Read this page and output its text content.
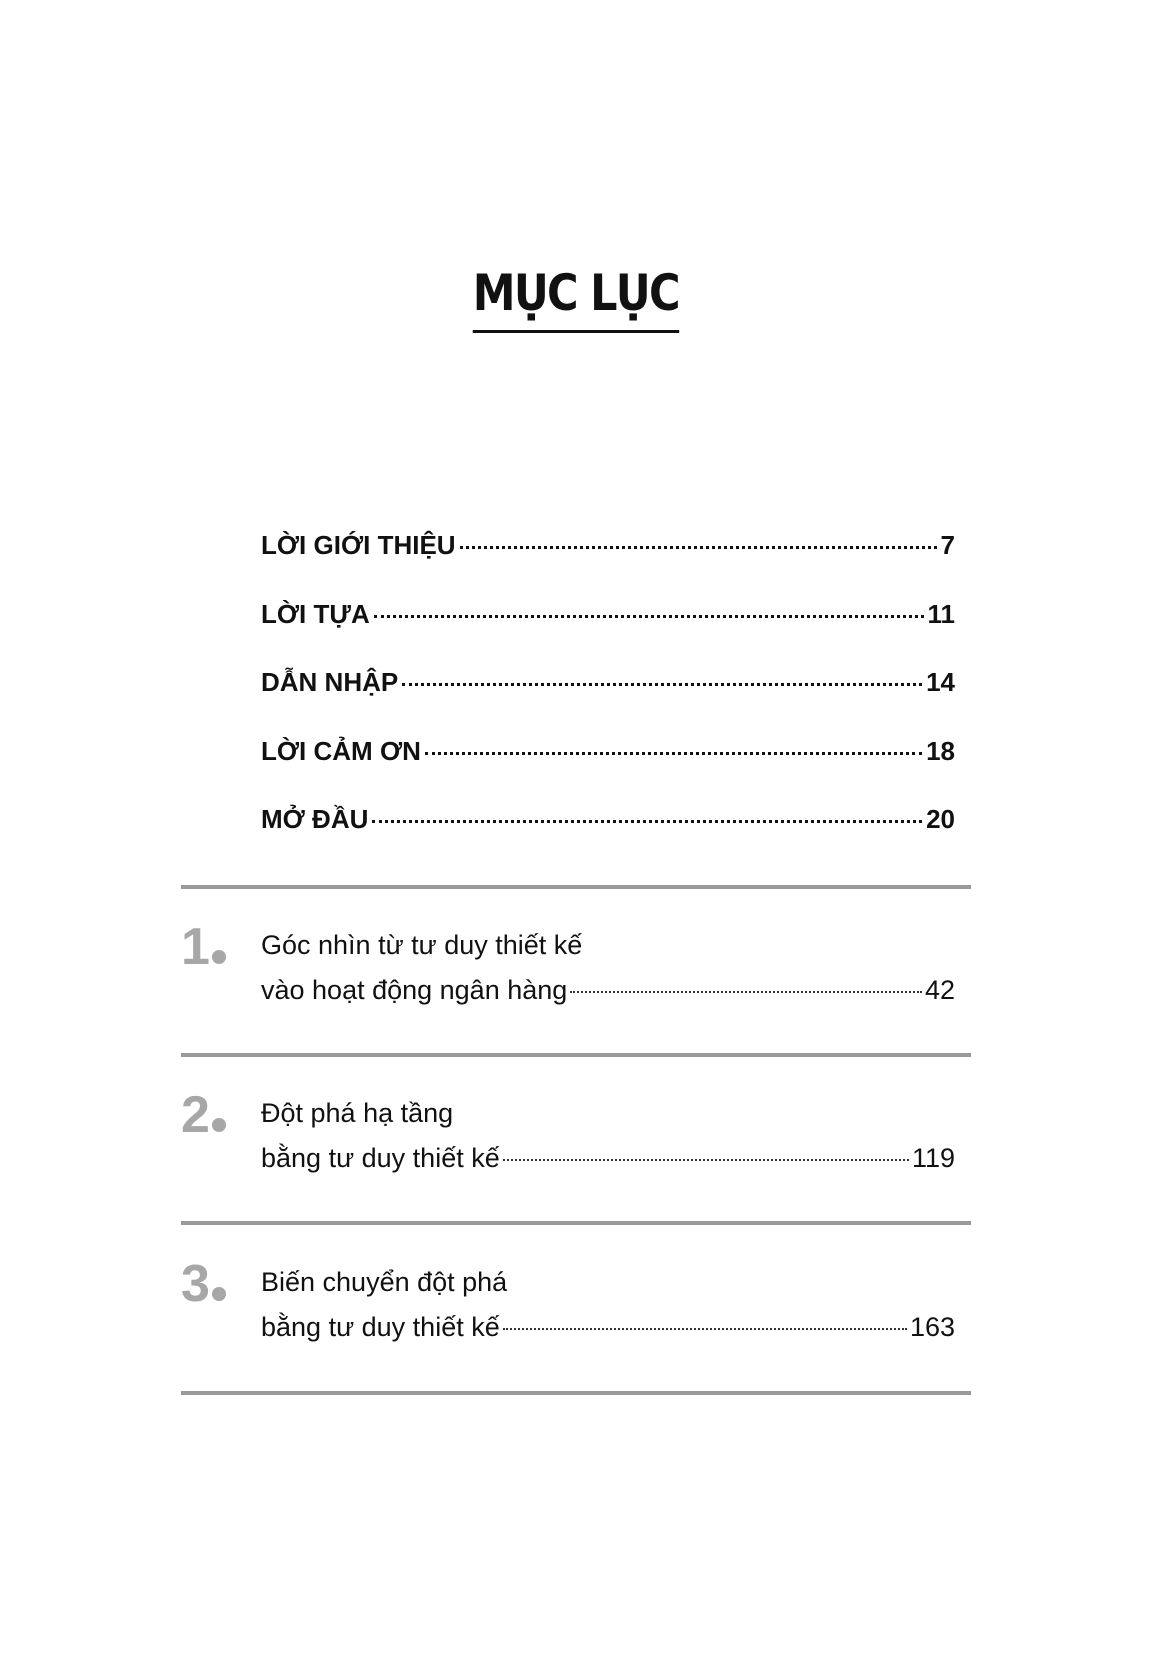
MỤC LỤC
LỜI GIỚI THIỆU	7
LỜI TỰA	11
DẪN NHẬP	14
LỜI CẢM ƠN	18
MỞ ĐẦU	20
1	Góc nhìn từ tư duy thiết kế
vào hoạt động ngân hàng	42
2	Đột phá hạ tầng
bằng tư duy thiết kế	119
3	Biến chuyển đột phá
bằng tư duy thiết kế	163
